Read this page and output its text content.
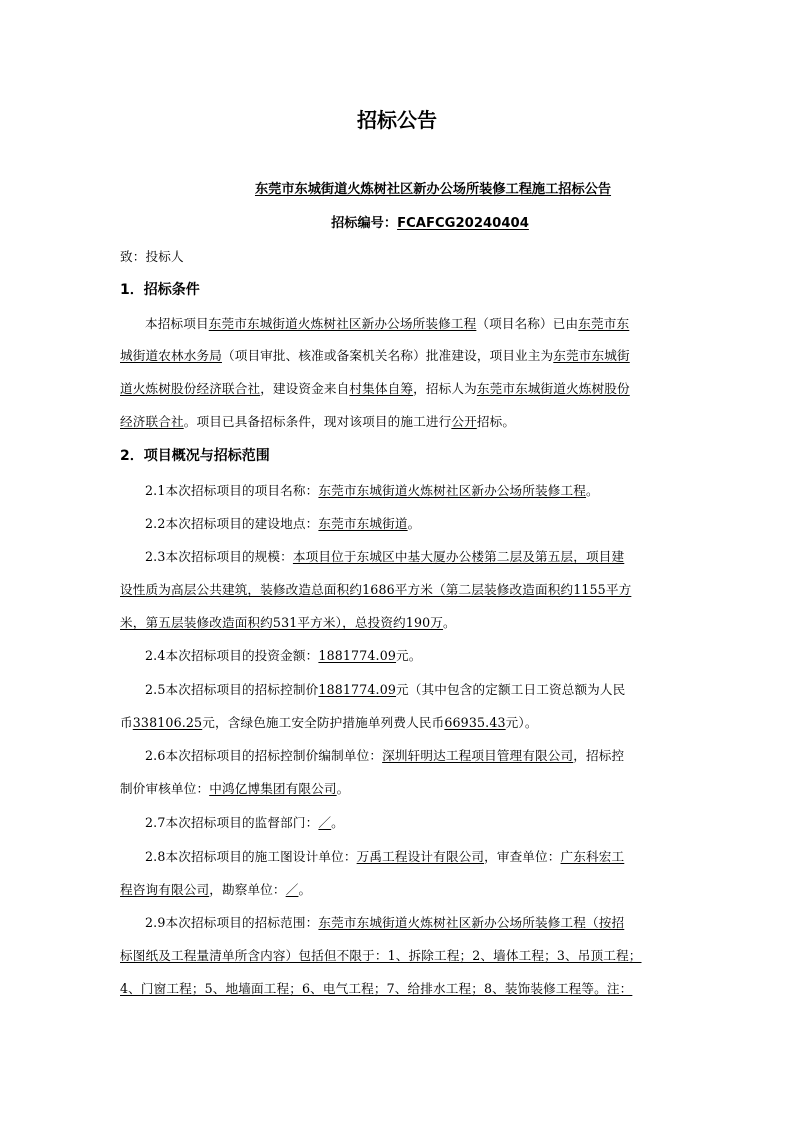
招标公告
东莞市东城街道火炼树社区新办公场所装修工程施工招标公告
招标编号：FCAFCG20240404
致：投标人
1．招标条件
本招标项目东莞市东城街道火炼树社区新办公场所装修工程（项目名称）已由东莞市东
城街道农林水务局（项目审批、核准或备案机关名称）批准建设，项目业主为东莞市东城街
道火炼树股份经济联合社，建设资金来自村集体自筹，招标人为东莞市东城街道火炼树股份
经济联合社。项目已具备招标条件，现对该项目的施工进行公开招标。
2．项目概况与招标范围
2.1本次招标项目的项目名称：东莞市东城街道火炼树社区新办公场所装修工程。
2.2本次招标项目的建设地点：东莞市东城街道。
2.3本次招标项目的规模：本项目位于东城区中基大厦办公楼第二层及第五层，项目建
设性质为高层公共建筑，装修改造总面积约1686平方米（第二层装修改造面积约1155平方
米，第五层装修改造面积约531平方米），总投资约190万。
2.4本次招标项目的投资金额：1881774.09元。
2.5本次招标项目的招标控制价1881774.09元（其中包含的定额工日工资总额为人民
币338106.25元，含绿色施工安全防护措施单列费人民币66935.43元）。
2.6本次招标项目的招标控制价编制单位：深圳轩明达工程项目管理有限公司，招标控
制价审核单位：中鸿亿博集团有限公司。
2.7本次招标项目的监督部门：／。
2.8本次招标项目的施工图设计单位：万禹工程设计有限公司，审查单位：广东科宏工
程咨询有限公司，勘察单位：／。
2.9本次招标项目的招标范围：东莞市东城街道火炼树社区新办公场所装修工程（按招
标图纸及工程量清单所含内容）包括但不限于：1、拆除工程；2、墙体工程；3、吊顶工程；
4、门窗工程；5、地墙面工程；6、电气工程；7、给排水工程；8、装饰装修工程等。注：
